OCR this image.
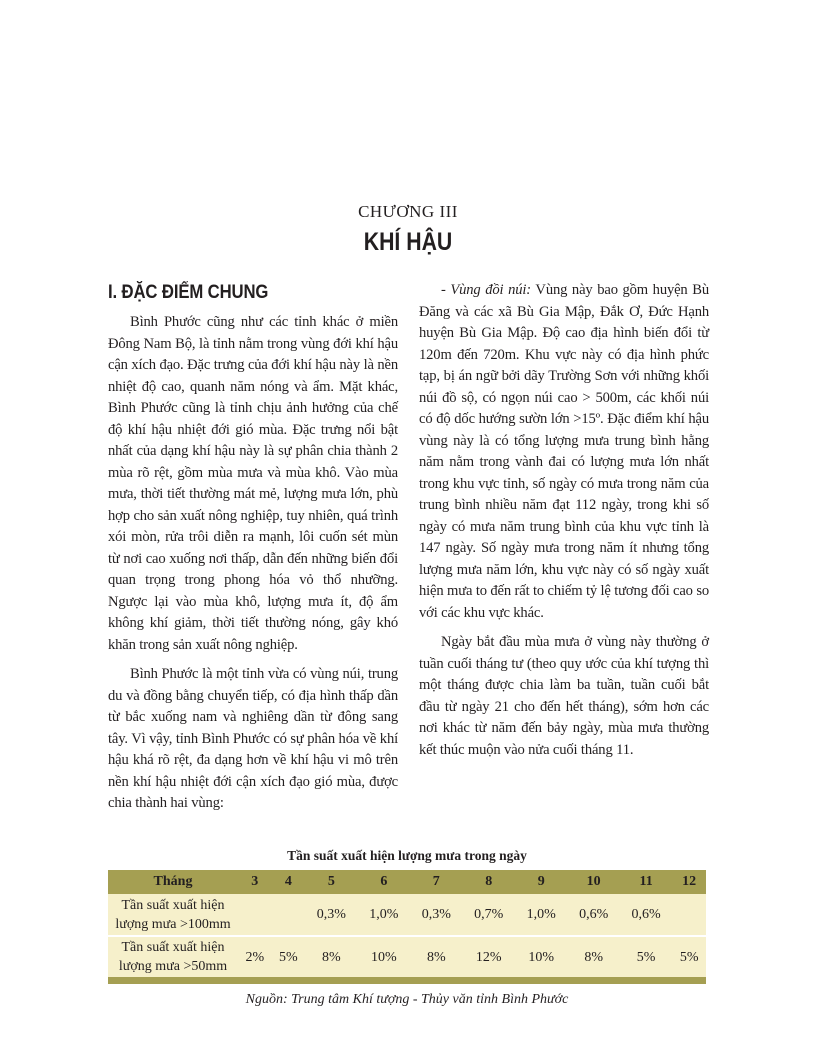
CHƯƠNG III
KHÍ HẬU
I. ĐẶC ĐIỂM CHUNG

Bình Phước cũng như các tỉnh khác ở miền Đông Nam Bộ, là tỉnh nằm trong vùng đới khí hậu cận xích đạo. Đặc trưng của đới khí hậu này là nền nhiệt độ cao, quanh năm nóng và ẩm. Mặt khác, Bình Phước cũng là tỉnh chịu ảnh hưởng của chế độ khí hậu nhiệt đới gió mùa. Đặc trưng nổi bật nhất của dạng khí hậu này là sự phân chia thành 2 mùa rõ rệt, gồm mùa mưa và mùa khô. Vào mùa mưa, thời tiết thường mát mẻ, lượng mưa lớn, phù hợp cho sản xuất nông nghiệp, tuy nhiên, quá trình xói mòn, rửa trôi diễn ra mạnh, lôi cuốn sét mùn từ nơi cao xuống nơi thấp, dẫn đến những biến đổi quan trọng trong phong hóa vỏ thổ nhưỡng. Ngược lại vào mùa khô, lượng mưa ít, độ ẩm không khí giảm, thời tiết thường nóng, gây khó khăn trong sản xuất nông nghiệp.

Bình Phước là một tỉnh vừa có vùng núi, trung du và đồng bằng chuyển tiếp, có địa hình thấp dần từ bắc xuống nam và nghiêng dần từ đông sang tây. Vì vậy, tỉnh Bình Phước có sự phân hóa về khí hậu khá rõ rệt, đa dạng hơn về khí hậu vi mô trên nền khí hậu nhiệt đới cận xích đạo gió mùa, được chia thành hai vùng:

- Vùng đồi núi: Vùng này bao gồm huyện Bù Đăng và các xã Bù Gia Mập, Đắk Ơ, Đức Hạnh huyện Bù Gia Mập. Độ cao địa hình biến đổi từ 120m đến 720m. Khu vực này có địa hình phức tạp, bị án ngữ bởi dãy Trường Sơn với những khối núi đồ sộ, có ngọn núi cao > 500m, các khối núi có độ dốc hướng sườn lớn >15º. Đặc điểm khí hậu vùng này là có tổng lượng mưa trung bình hằng năm nằm trong vành đai có lượng mưa lớn nhất trong khu vực tỉnh, số ngày có mưa trong năm của trung bình nhiều năm đạt 112 ngày, trong khi số ngày có mưa năm trung bình của khu vực tỉnh là 147 ngày. Số ngày mưa trong năm ít nhưng tổng lượng mưa năm lớn, khu vực này có số ngày xuất hiện mưa to đến rất to chiếm tỷ lệ tương đối cao so với các khu vực khác.

Ngày bắt đầu mùa mưa ở vùng này thường ở tuần cuối tháng tư (theo quy ước của khí tượng thì một tháng được chia làm ba tuần, tuần cuối bắt đầu từ ngày 21 cho đến hết tháng), sớm hơn các nơi khác từ năm đến bảy ngày, mùa mưa thường kết thúc muộn vào nửa cuối tháng 11.

Tần suất xuất hiện lượng mưa trong ngày
Tháng	3	4	5	6	7	8	9	10	11	12
Tần suất xuất hiện lượng mưa >100mm			0,3%	1,0%	0,3%	0,7%	1,0%	0,6%	0,6%	
Tần suất xuất hiện lượng mưa >50mm	2%	5%	8%	10%	8%	12%	10%	8%	5%	5%

Nguồn: Trung tâm Khí tượng - Thủy văn tỉnh Bình Phước
